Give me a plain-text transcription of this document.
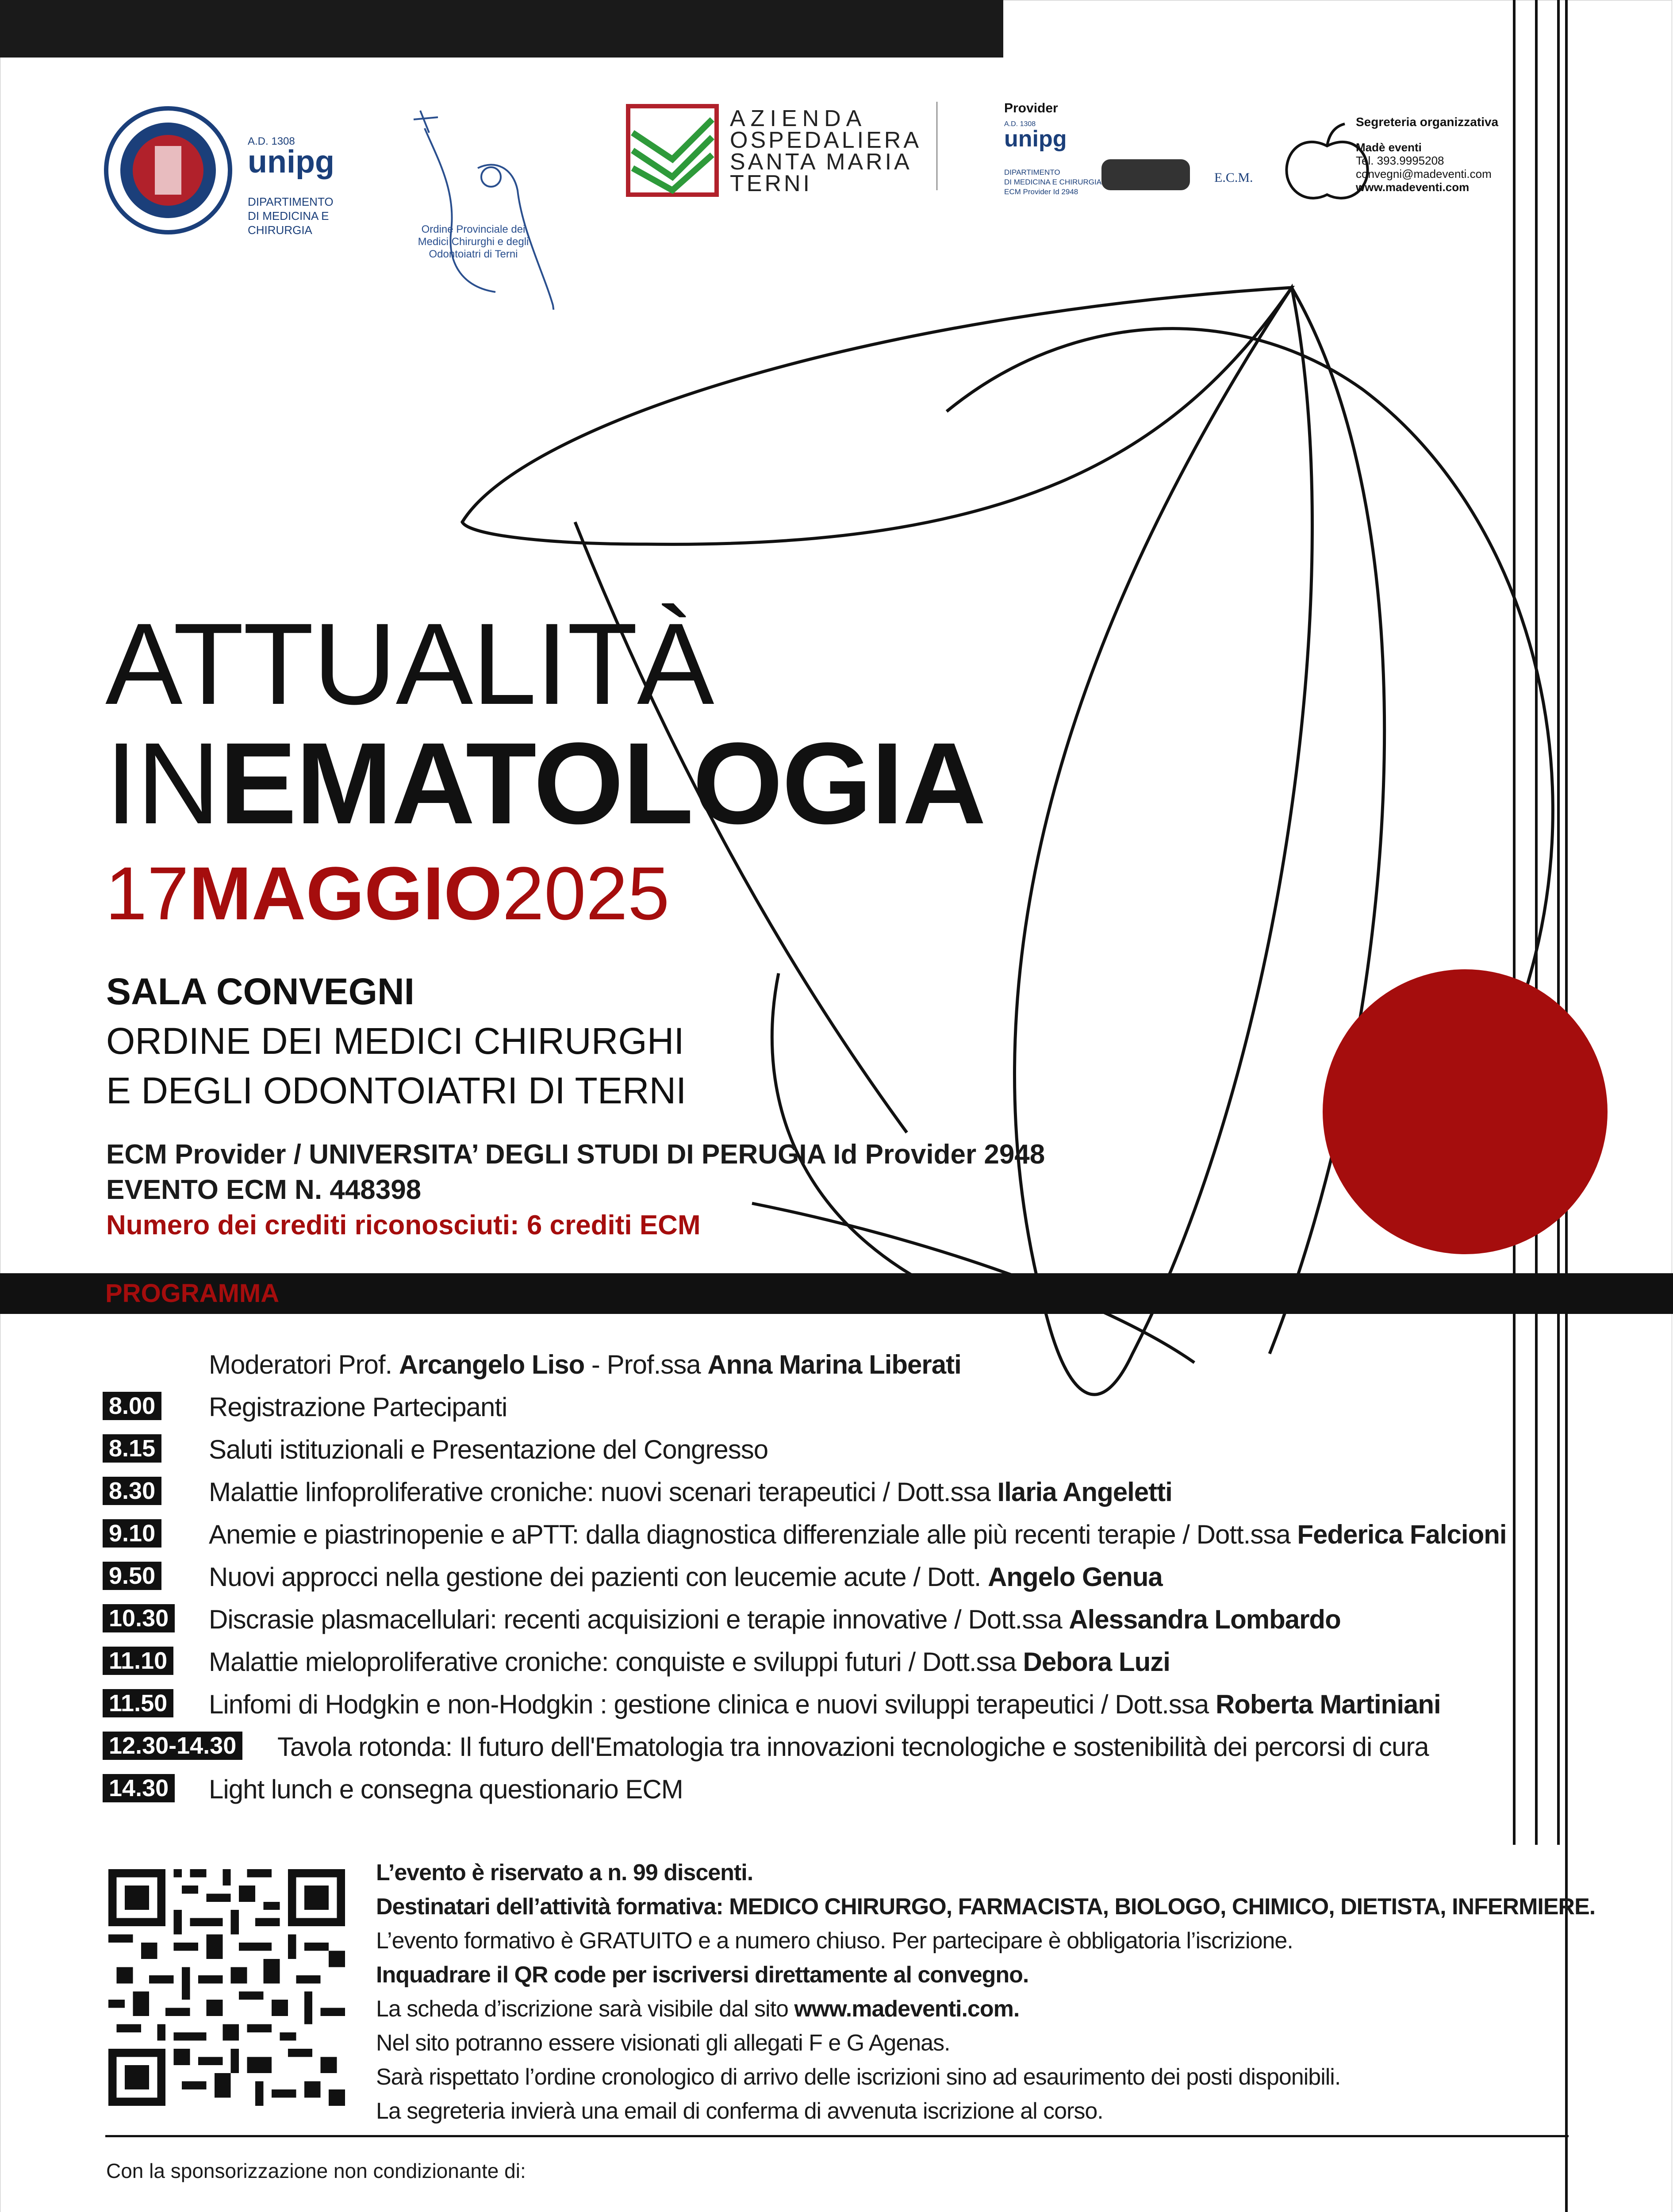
A.D. 1308
unipg
DIPARTIMENTO
DI MEDICINA E CHIRURGIA	Ordine Provinciale dei Medici Chirurghi e degli Odontoiatri di Terni
AZIENDA
OSPEDALIERA
SANTA MARIA
TERNI
Provider
A.D. 1308
unipg
DIPARTIMENTO
DI MEDICINA E CHIRURGIA
ECM Provider Id 2948
E.C.M.
Segreteria organizzativa
Madè eventi
Tel. 393.9995208
convegni@madeventi.com
www.madeventi.com
ATTUALITÀ
INEMATOLOGIA
17MAGGIO2025
SALA CONVEGNI
ORDINE DEI MEDICI CHIRURGHI
E DEGLI ODONTOIATRI DI TERNI
ECM Provider / UNIVERSITA’ DEGLI STUDI DI PERUGIA Id Provider 2948
EVENTO ECM N. 448398
Numero dei crediti riconosciuti: 6 crediti ECM
PROGRAMMA
Moderatori Prof. Arcangelo Liso - Prof.ssa Anna Marina Liberati
8.00 Registrazione Partecipanti
8.15 Saluti istituzionali e Presentazione del Congresso
8.30 Malattie linfoproliferative croniche: nuovi scenari terapeutici / Dott.ssa Ilaria Angeletti
9.10 Anemie e piastrinopenie e aPTT: dalla diagnostica differenziale alle più recenti terapie / Dott.ssa Federica Falcioni
9.50 Nuovi approcci nella gestione dei pazienti con leucemie acute / Dott. Angelo Genua
10.30 Discrasie plasmacellulari: recenti acquisizioni e terapie innovative / Dott.ssa Alessandra Lombardo
11.10 Malattie mieloproliferative croniche: conquiste e sviluppi futuri / Dott.ssa Debora Luzi
11.50 Linfomi di Hodgkin e non-Hodgkin : gestione clinica e nuovi sviluppi terapeutici / Dott.ssa Roberta Martiniani
12.30-14.30 Tavola rotonda: Il futuro dell'Ematologia tra innovazioni tecnologiche e sostenibilità dei percorsi di cura
14.30 Light lunch e consegna questionario ECM
L’evento è riservato a n. 99 discenti.
Destinatari dell’attività formativa: MEDICO CHIRURGO, FARMACISTA, BIOLOGO, CHIMICO, DIETISTA, INFERMIERE.
L’evento formativo è GRATUITO e a numero chiuso. Per partecipare è obbligatoria l’iscrizione.
Inquadrare il QR code per iscriversi direttamente al convegno.
La scheda d’iscrizione sarà visibile dal sito www.madeventi.com.
Nel sito potranno essere visionati gli allegati F e G Agenas.
Sarà rispettato l’ordine cronologico di arrivo delle iscrizioni sino ad esaurimento dei posti disponibili.
La segreteria invierà una email di conferma di avvenuta iscrizione al corso.
Con la sponsorizzazione non condizionante di:
